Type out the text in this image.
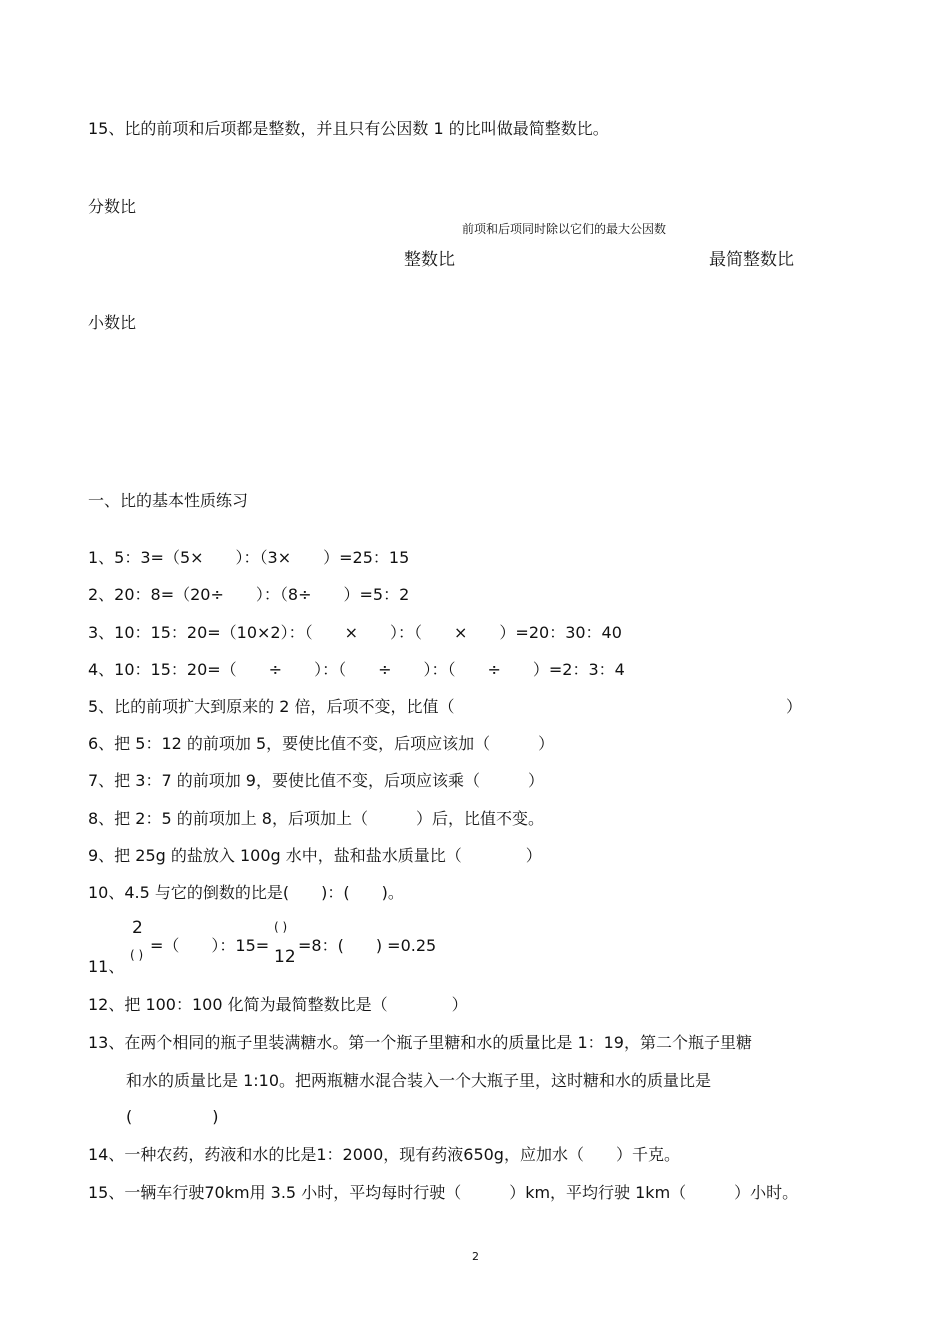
15、比的前项和后项都是整数，并且只有公因数 1 的比叫做最简整数比。
分数比
前项和后项同时除以它们的最大公因数
整数比	最简整数比
小数比
一、比的基本性质练习
1、5：3=（5×　　）：（3×　　）=25：15
2、20：8=（20÷　　）：（8÷　　）=5：2
3、10：15：20=（10×2）：（　　×　　）：（　　×　　）=20：30：40
4、10：15：20=（　　÷　　）：（　　÷　　）：（　　÷　　）=2：3：4
5、比的前项扩大到原来的 2 倍，后项不变，比值（	）
6、把 5：12 的前项加 5，要使比值不变，后项应该加（　　　）
7、把 3：7 的前项加 9，要使比值不变，后项应该乘（　　　）
8、把 2：5 的前项加上 8，后项加上（　　　）后，比值不变。
9、把 25g 的盐放入 100g 水中，盐和盐水质量比（　　　　）
10、4.5 与它的倒数的比是(　　)：(　　)。
11、
2
( ) =（　　）：15=
( )
12
=8：(　　) =0.25
12、把 100：100 化简为最简整数比是（　　　　）
13、在两个相同的瓶子里装满糖水。第一个瓶子里糖和水的质量比是 1：19，第二个瓶子里糖
和水的质量比是 1:10。把两瓶糖水混合装入一个大瓶子里，这时糖和水的质量比是
(　　　　　)
14、一种农药，药液和水的比是1：2000，现有药液650g，应加水（　　）千克。
15、一辆车行驶70km用 3.5 小时，平均每时行驶（　　　）km，平均行驶 1km（　　　）小时。
2
